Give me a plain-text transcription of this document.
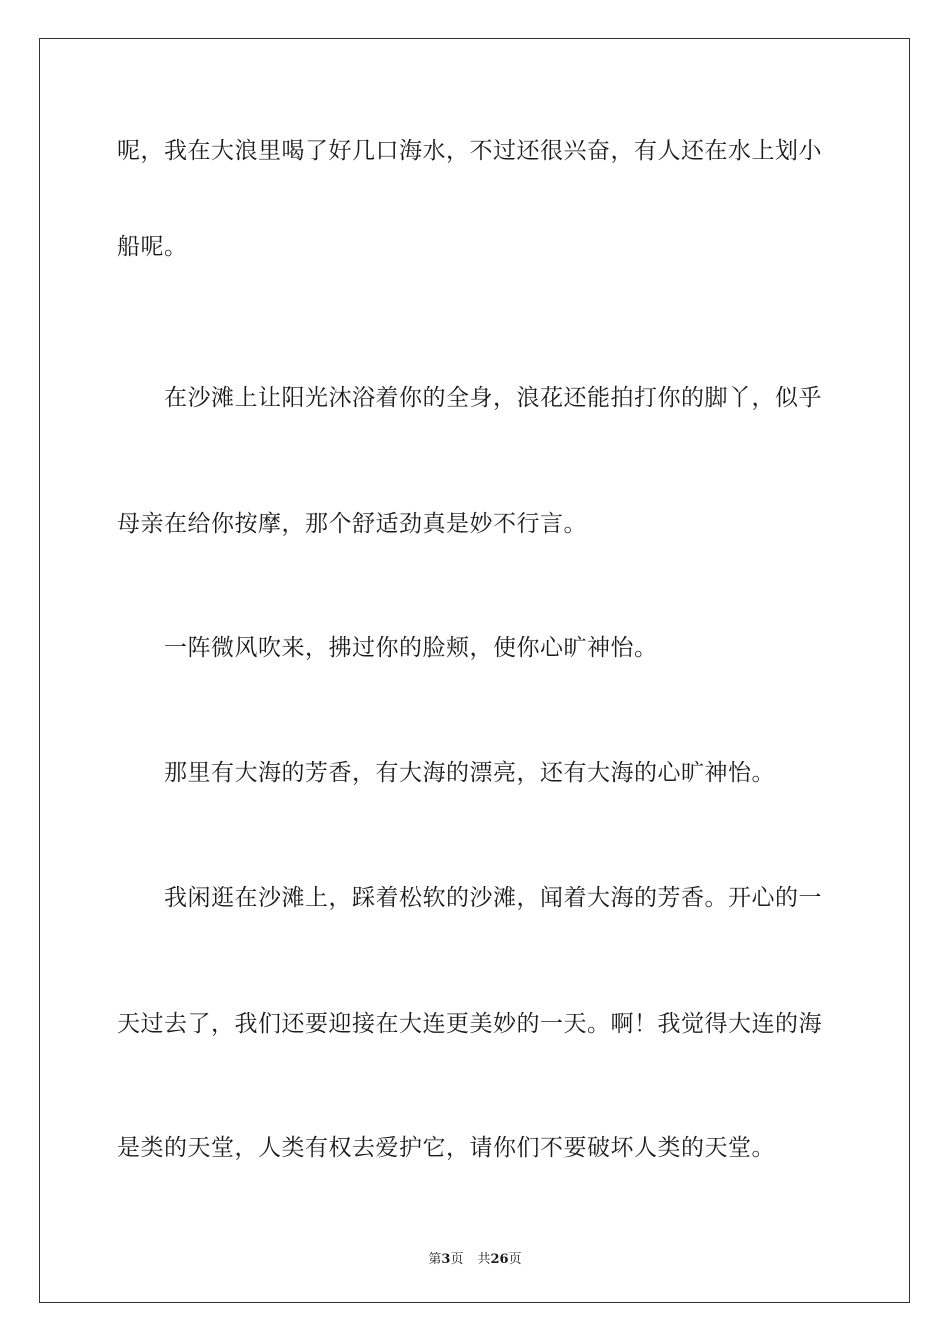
呢，我在大浪里喝了好几口海水，不过还很兴奋，有人还在水上划小
船呢。
在沙滩上让阳光沐浴着你的全身，浪花还能拍打你的脚丫，似乎
母亲在给你按摩，那个舒适劲真是妙不行言。
一阵微风吹来，拂过你的脸颊，使你心旷神怡。
那里有大海的芳香，有大海的漂亮，还有大海的心旷神怡。
我闲逛在沙滩上，踩着松软的沙滩，闻着大海的芳香。开心的一
天过去了，我们还要迎接在大连更美妙的一天。啊！我觉得大连的海
是类的天堂，人类有权去爱护它，请你们不要破坏人类的天堂。
第3页 共26页
